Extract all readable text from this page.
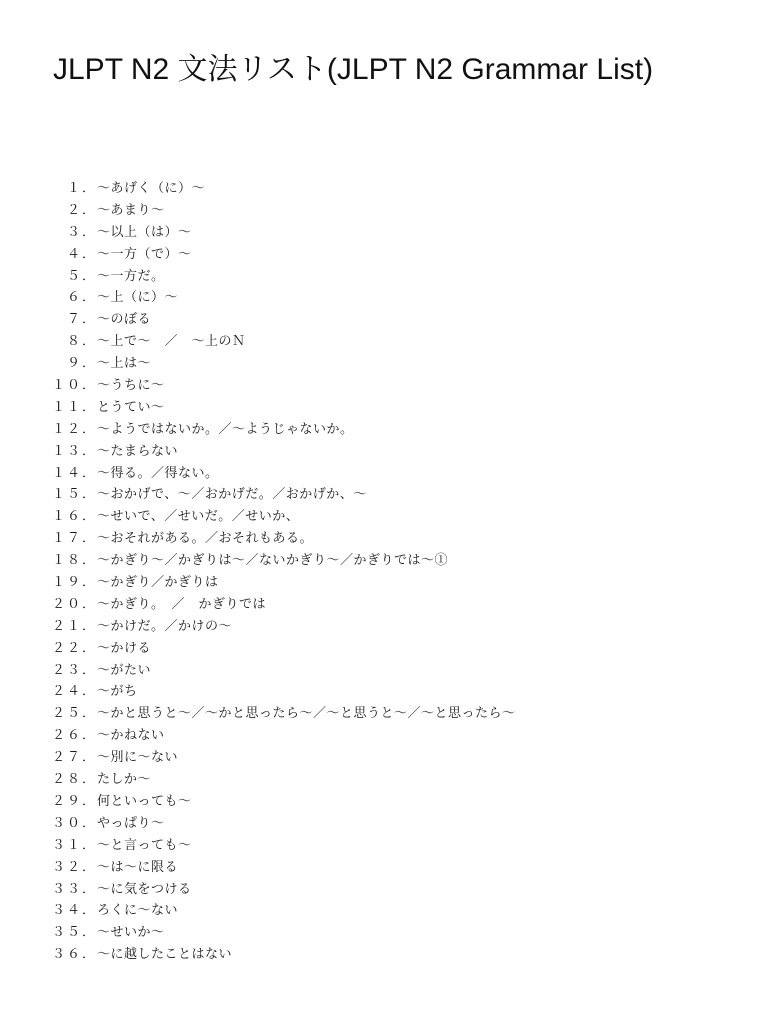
JLPT N2 文法リスト(JLPT N2 Grammar List)
１．～あげく（に）～
２．～あまり～
３．～以上（は）～
４．～一方（で）～
５．～一方だ。
６．～上（に）～
７．～のぼる
８．～上で～　／　～上のＮ
９．～上は～
１０．～うちに～
１１．とうてい～
１２．～ようではないか。／～ようじゃないか。
１３．～たまらない
１４．～得る。／得ない。
１５．～おかげで、～／おかげだ。／おかげか、～
１６．～せいで、／せいだ。／せいか、
１７．～おそれがある。／おそれもある。
１８．～かぎり～／かぎりは～／ないかぎり～／かぎりでは～①
１９．～かぎり／かぎりは
２０．～かぎり。　／　かぎりでは
２１．～かけだ。／かけの～
２２．～かける
２３．～がたい
２４．～がち
２５．～かと思うと～／～かと思ったら～／～と思うと～／～と思ったら～
２６．～かねない
２７．～別に～ない
２８．たしか～
２９．何といっても～
３０．やっぱり～
３１．～と言っても～
３２．～は～に限る
３３．～に気をつける
３４．ろくに～ない
３５．～せいか～
３６．～に越したことはない
